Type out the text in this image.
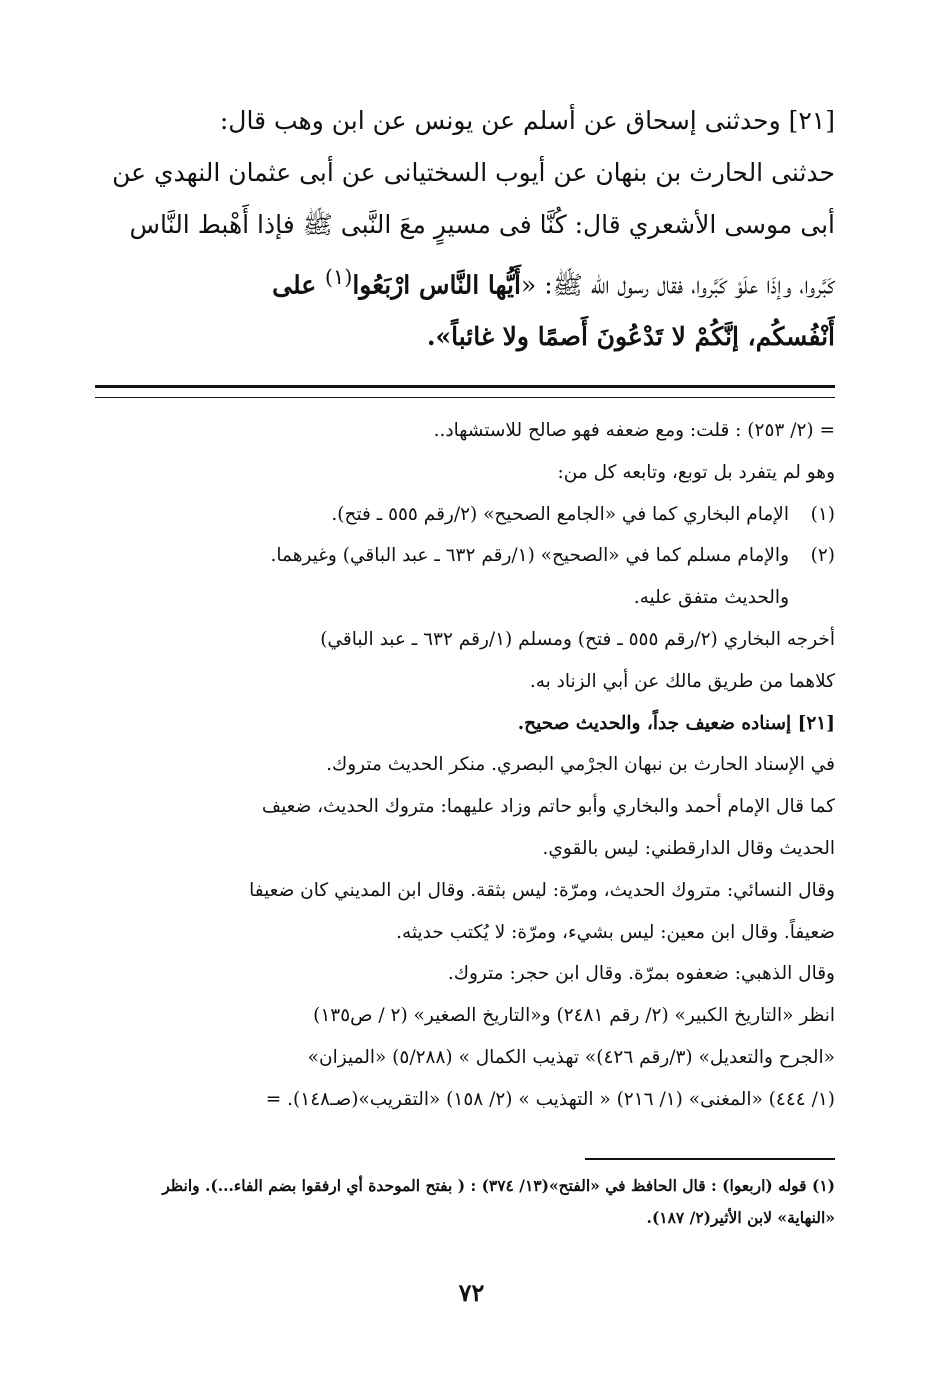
[٢١] وحدثنى إسحاق عن أسلم عن يونس عن ابن وهب قال:
حدثنى الحارث بن بنهان عن أيوب السختيانى عن أبى عثمان النهدي عن
أبى موسى الأشعري قال: كُنَّا فى مسيرٍ معَ النَّبى ﷺ فإذا أَهْبط النَّاس
كَبَّروا، وإذَا علَوْ كَبَّروا، فقال رسول اللّه ﷺ: «أَيُّها النَّاس ارْبَعُوا$^{(١)}$ على
أَنْفُسكُم، إنَّكُمْ لا تَدْعُونَ أَصمًا ولا غائباً».

= (٢/ ٢٥٣) : قلت: ومع ضعفه فهو صالح للاستشهاد..
وهو لم يتفرد بل توبع، وتابعه كل من:
(١)الإمام البخاري كما في «الجامع الصحيح» (٢/رقم ٥٥٥ ـ فتح).
(٢)والإمام مسلم كما في «الصحيح» (١/رقم ٦٣٢ ـ عبد الباقي) وغيرهما.
والحديث متفق عليه.
أخرجه البخاري (٢/رقم ٥٥٥ ـ فتح) ومسلم (١/رقم ٦٣٢ ـ عبد الباقي)
كلاهما من طريق مالك عن أبي الزناد به.
[٢١] إسناده ضعيف جداً، والحديث صحيح.
في الإسناد الحارث بن نبهان الجرْمي البصري. منكر الحديث متروك.
كما قال الإمام أحمد والبخاري وأبو حاتم وزاد عليهما: متروك الحديث، ضعيف
الحديث وقال الدارقطني: ليس بالقوي.
وقال النسائي: متروك الحديث، ومرّة: ليس بثقة. وقال ابن المديني كان ضعيفا
ضعيفاً. وقال ابن معين: ليس بشيء، ومرّة: لا يُكتب حديثه.
وقال الذهبي: ضعفوه بمرّة. وقال ابن حجر: متروك.
انظر «التاريخ الكبير» (٢/ رقم ٢٤٨١) و«التاريخ الصغير» (٢ / ص١٣٥)
«الجرح والتعديل» (٣/رقم ٤٢٦)» تهذيب الكمال » (٥/٢٨٨) «الميزان»
(١/ ٤٤٤) «المغنى» (١/ ٢١٦) « التهذيب » (٢/ ١٥٨) «التقريب»(صـ١٤٨). =
(١) قوله (اربعوا) : قال الحافظ في «الفتح»(١٣/ ٣٧٤) : ( بفتح الموحدة أي ارفقوا بضم الفاء...). وانظر
«النهاية» لابن الأثير(٢/ ١٨٧).
٧٢
